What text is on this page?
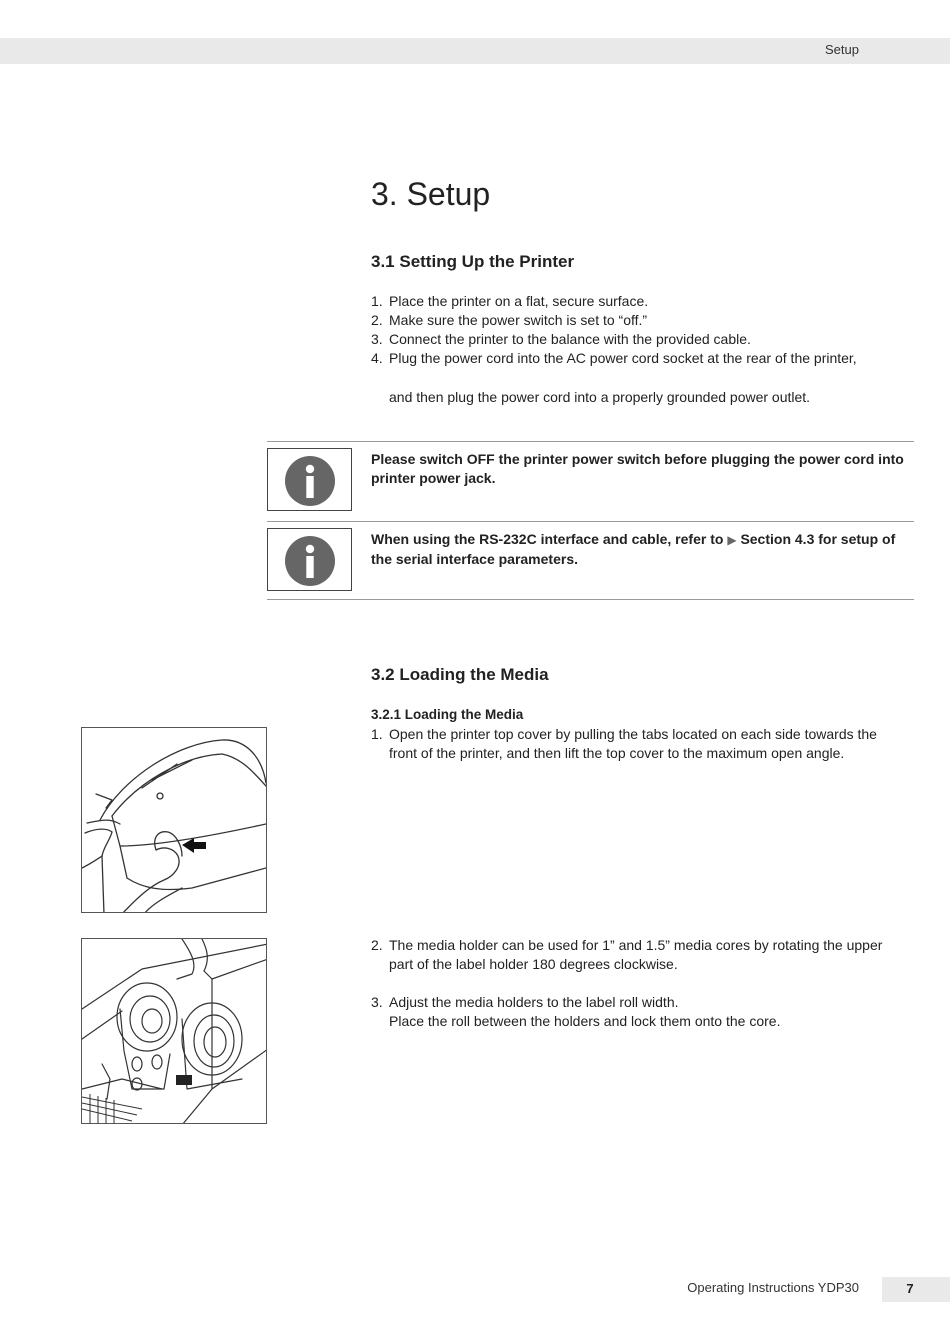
Setup
3. Setup
3.1 Setting Up the Printer
1. Place the printer on a flat, secure surface.
2. Make sure the power switch is set to “off.”
3. Connect the printer to the balance with the provided cable.
4. Plug the power cord into the AC power cord socket at the rear of the printer,
and then plug the power cord into a properly grounded power outlet.
Please switch OFF the printer power switch before plugging the power cord into printer power jack.
When using the RS-232C interface and cable, refer to ▶ Section 4.3 for setup of the serial interface parameters.
3.2 Loading the Media
3.2.1 Loading the Media
1. Open the printer top cover by pulling the tabs located on each side towards the
front of the printer, and then lift the top cover to the maximum open angle.
2. The media holder can be used for 1” and 1.5” media cores by rotating the upper
part of the label holder 180 degrees clockwise.
3. Adjust the media holders to the label roll width.
Place the roll between the holders and lock them onto the core.
Operating Instructions YDP30	7
